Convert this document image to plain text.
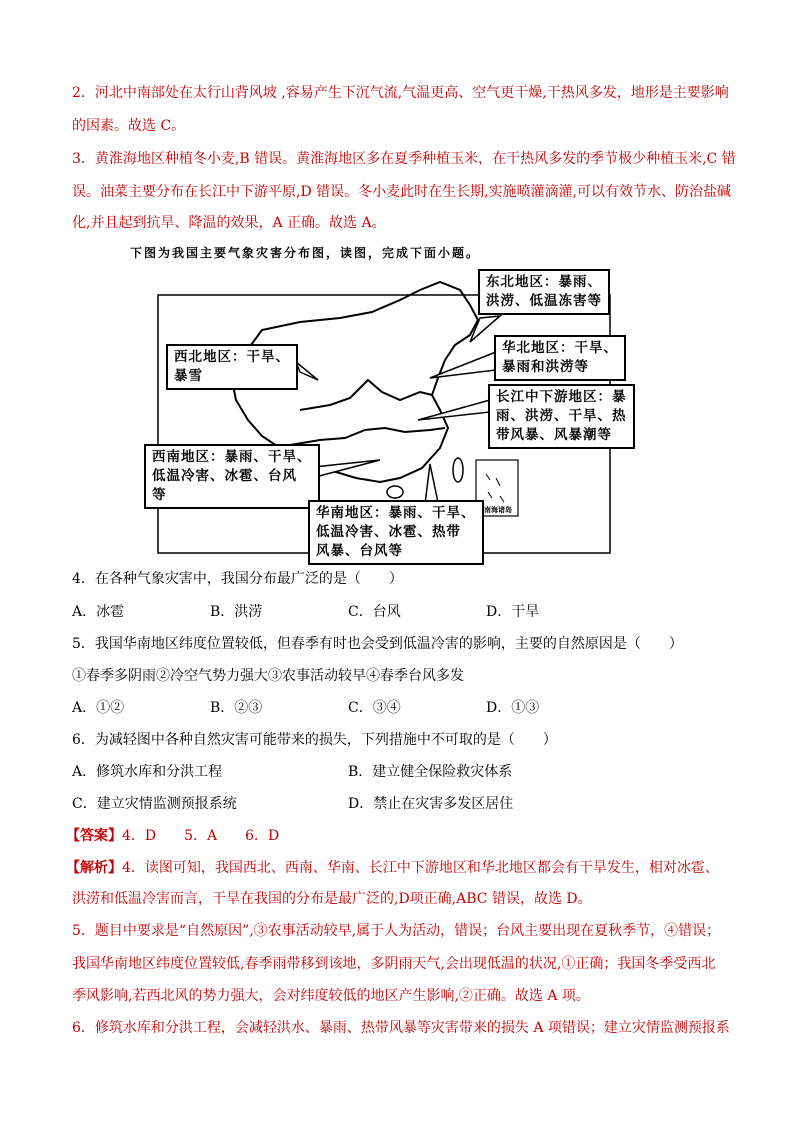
2．河北中南部处在太行山背风坡 ,容易产生下沉气流,气温更高、空气更干燥,干热风多发，地形是主要影响
的因素。故选 C。
3．黄淮海地区种植冬小麦,B 错误。黄淮海地区多在夏季种植玉米，在干热风多发的季节极少种植玉米,C 错
误。油菜主要分布在长江中下游平原,D 错误。冬小麦此时在生长期,实施喷灌滴灌,可以有效节水、防治盐碱
化,并且起到抗旱、降温的效果，A 正确。故选 A。
下图为我国主要气象灾害分布图，读图，完成下面小题。
南海诸岛
东北地区：暴雨、
洪涝、低温冻害等
西北地区：干旱、
暴雪
华北地区：干旱、
暴雨和洪涝等
长江中下游地区：暴
雨、洪涝、干旱、热
带风暴、风暴潮等
西南地区：暴雨、干旱、
低温冷害、冰雹、台风
等
华南地区：暴雨、干旱、
低温冷害、冰雹、热带
风暴、台风等
4．在各种气象灾害中，我国分布最广泛的是（　　）
A．冰雹	B．洪涝	C．台风	D．干旱
5．我国华南地区纬度位置较低，但春季有时也会受到低温冷害的影响，主要的自然原因是（　　）
①春季多阴雨②冷空气势力强大③农事活动较早④春季台风多发
A．①②	B．②③	C．③④	D．①③
6．为减轻图中各种自然灾害可能带来的损失，下列措施中不可取的是（　　）
A．修筑水库和分洪工程	B．建立健全保险救灾体系
C．建立灾情监测预报系统	D．禁止在灾害多发区居住
【答案】4．D　　5．A　　6．D
【解析】4．读图可知，我国西北、西南、华南、长江中下游地区和华北地区都会有干旱发生，相对冰雹、
洪涝和低温冷害而言，干旱在我国的分布是最广泛的,D项正确,ABC 错误，故选 D。
5．题目中要求是“自然原因”,③农事活动较早,属于人为活动，错误；台风主要出现在夏秋季节，④错误；
我国华南地区纬度位置较低,春季雨带移到该地，多阴雨天气,会出现低温的状况,①正确；我国冬季受西北
季风影响,若西北风的势力强大，会对纬度较低的地区产生影响,②正确。故选 A 项。
6．修筑水库和分洪工程，会减轻洪水、暴雨、热带风暴等灾害带来的损失 A 项错误；建立灾情监测预报系
